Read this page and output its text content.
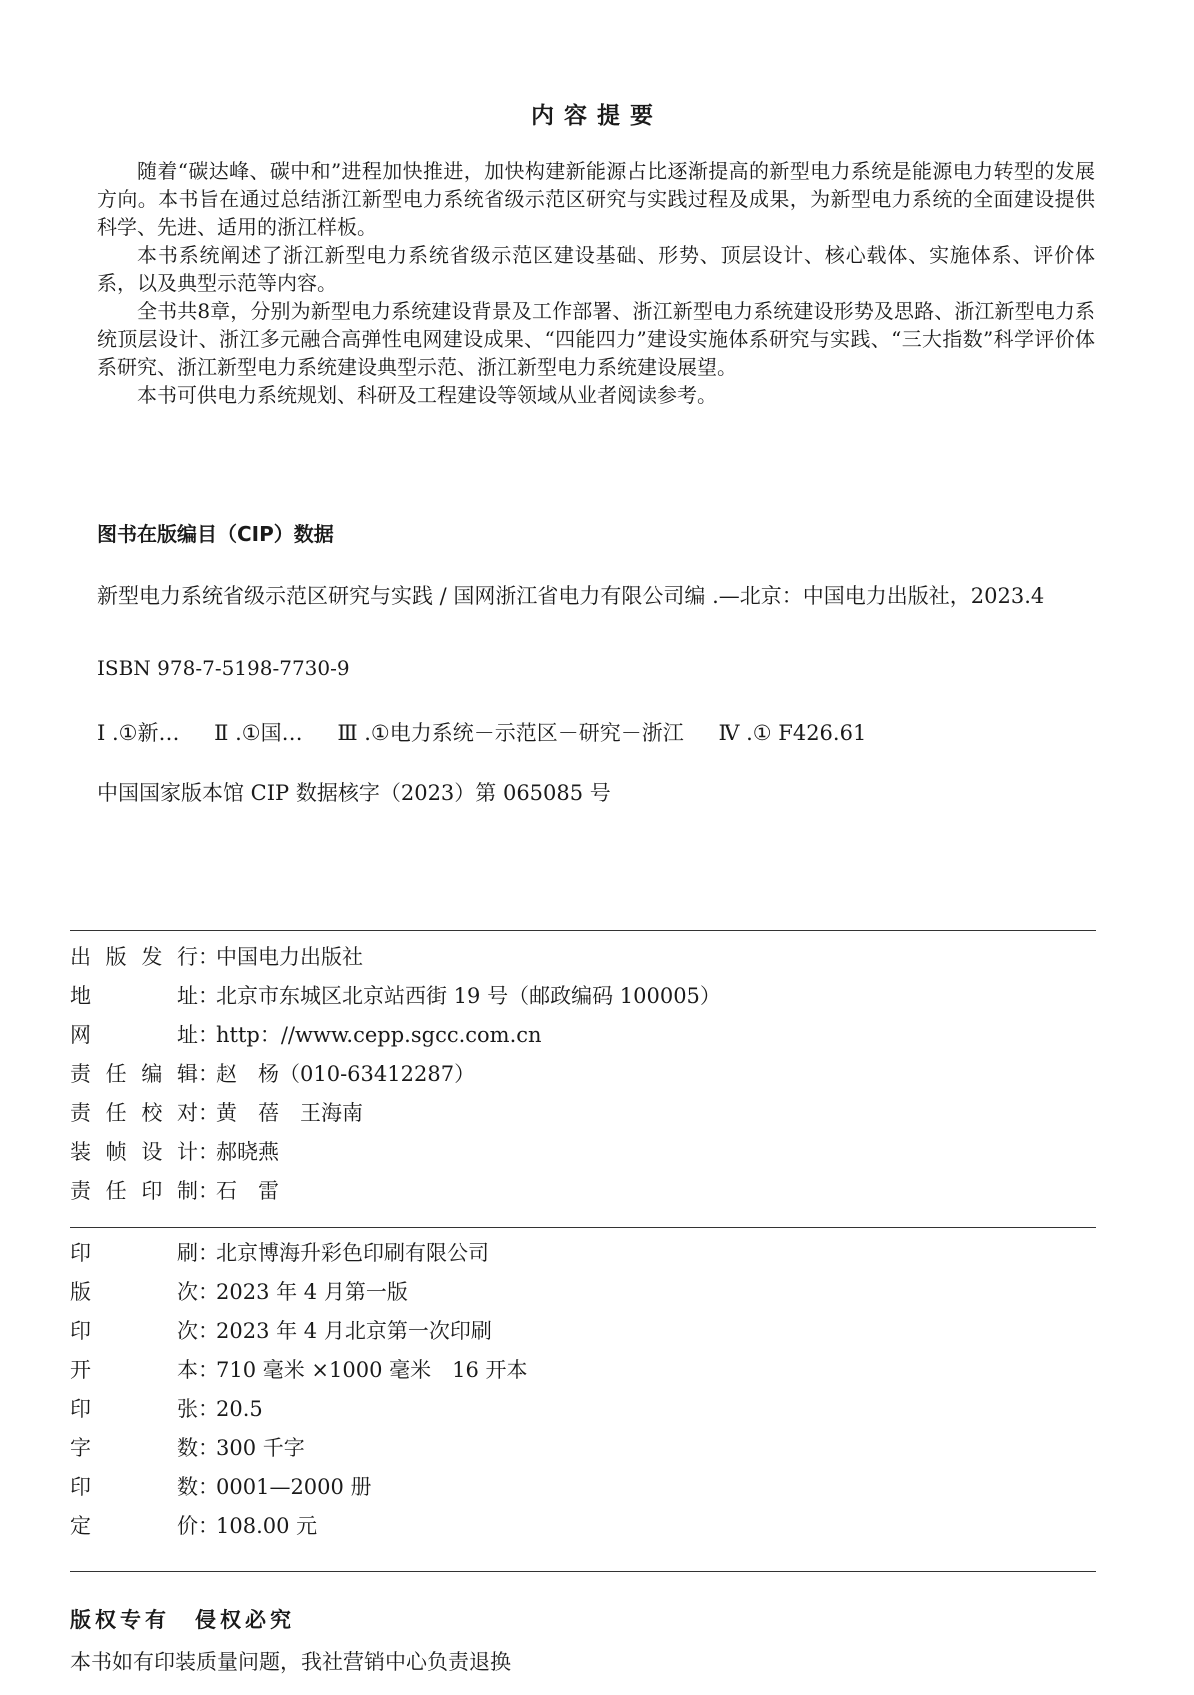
内容提要

随着“碳达峰、碳中和”进程加快推进，加快构建新能源占比逐渐提高的新型电力系统是能源电力转型的发展方向。本书旨在通过总结浙江新型电力系统省级示范区研究与实践过程及成果，为新型电力系统的全面建设提供科学、先进、适用的浙江样板。

本书系统阐述了浙江新型电力系统省级示范区建设基础、形势、顶层设计、核心载体、实施体系、评价体系，以及典型示范等内容。

全书共8章，分别为新型电力系统建设背景及工作部署、浙江新型电力系统建设形势及思路、浙江新型电力系统顶层设计、浙江多元融合高弹性电网建设成果、“四能四力”建设实施体系研究与实践、“三大指数”科学评价体系研究、浙江新型电力系统建设典型示范、浙江新型电力系统建设展望。

本书可供电力系统规划、科研及工程建设等领域从业者阅读参考。

图书在版编目（CIP）数据
新型电力系统省级示范区研究与实践 / 国网浙江省电力有限公司编 .—北京：中国电力出版社，2023.4
ISBN 978-7-5198-7730-9
Ⅰ .①新… Ⅱ .①国… Ⅲ .①电力系统－示范区－研究－浙江 Ⅳ .① F426.61
中国国家版本馆 CIP 数据核字（2023）第 065085 号
出 版 发 行 ：
中国电力出版社
地	址 ：
北京市东城区北京站西街 19 号（邮政编码 100005）
网	址 ：
http：//www.cepp.sgcc.com.cn
责 任 编 辑 ：
赵　杨（010-63412287）
责 任 校 对 ：
黄　蓓　王海南
装 帧 设 计 ：
郝晓燕
责 任 印 制 ：
石　雷
印	刷 ：
北京博海升彩色印刷有限公司
版	次 ：
2023 年 4 月第一版
印	次 ：
2023 年 4 月北京第一次印刷
开	本 ：
710 毫米 ×1000 毫米　16 开本
印	张 ：
20.5
字	数 ：
300 千字
印	数 ：
0001—2000 册
定	价 ：
108.00 元
版权专有　侵权必究
本书如有印装质量问题，我社营销中心负责退换
